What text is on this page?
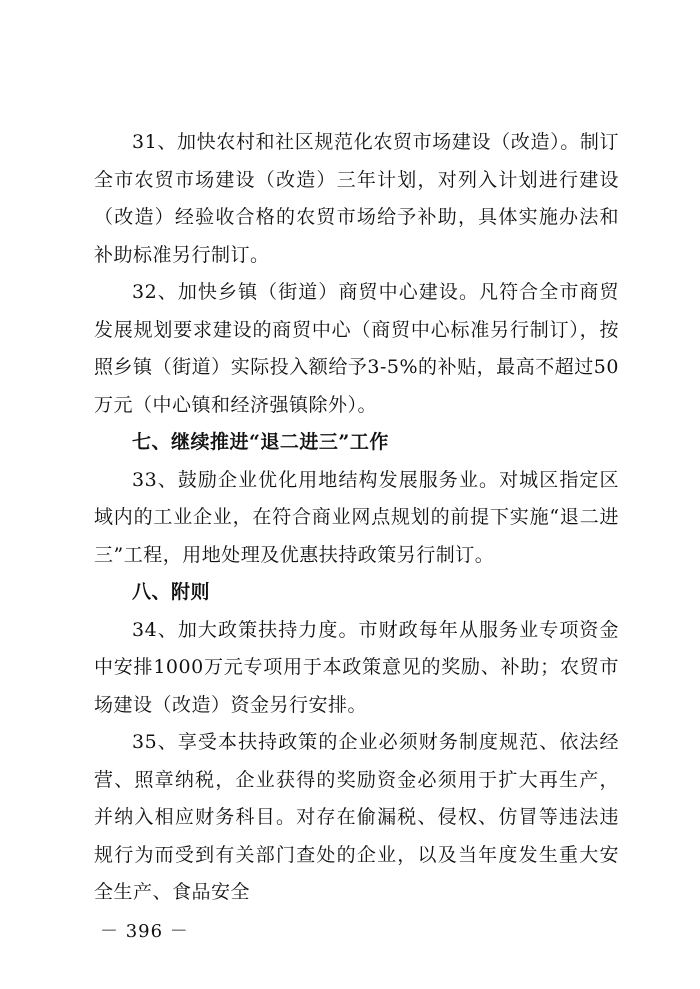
31、加快农村和社区规范化农贸市场建设（改造）。制订全市农贸市场建设（改造）三年计划，对列入计划进行建设（改造）经验收合格的农贸市场给予补助，具体实施办法和补助标准另行制订。

32、加快乡镇（街道）商贸中心建设。凡符合全市商贸发展规划要求建设的商贸中心（商贸中心标准另行制订），按照乡镇（街道）实际投入额给予3-5%的补贴，最高不超过50万元（中心镇和经济强镇除外）。

七、继续推进“退二进三”工作

33、鼓励企业优化用地结构发展服务业。对城区指定区域内的工业企业，在符合商业网点规划的前提下实施“退二进三”工程，用地处理及优惠扶持政策另行制订。

八、附则

34、加大政策扶持力度。市财政每年从服务业专项资金中安排1000万元专项用于本政策意见的奖励、补助；农贸市场建设（改造）资金另行安排。

35、享受本扶持政策的企业必须财务制度规范、依法经营、照章纳税，企业获得的奖励资金必须用于扩大再生产，并纳入相应财务科目。对存在偷漏税、侵权、仿冒等违法违规行为而受到有关部门查处的企业，以及当年度发生重大安全生产、食品安全

－ 396 －
